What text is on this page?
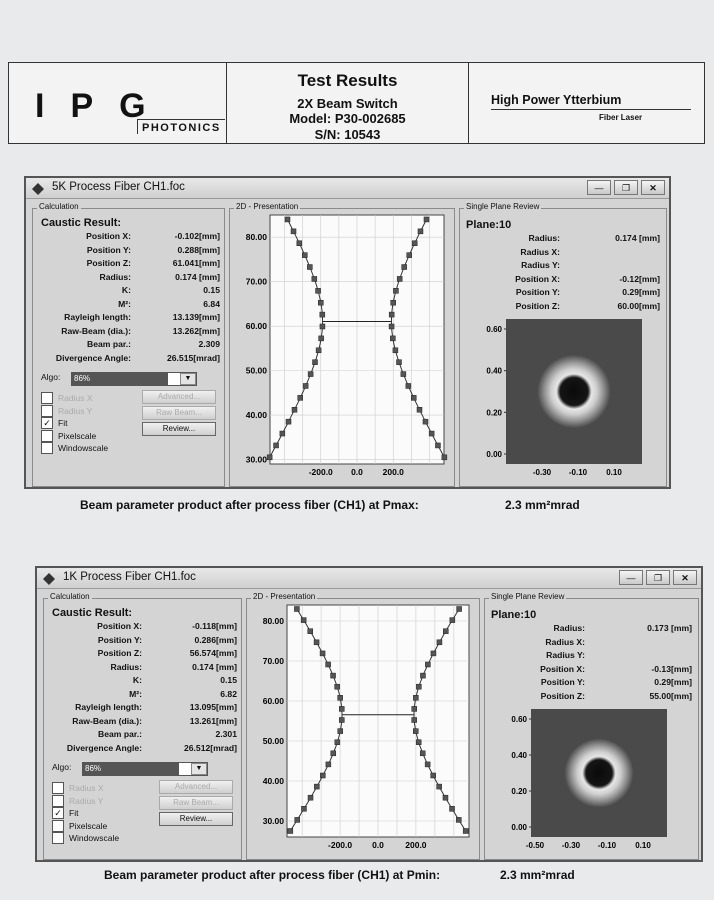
IPG
PHOTONICS
Test Results
2X Beam Switch
Model: P30-002685
S/N: 10543
High Power Ytterbium
Fiber Laser
5K Process Fiber CH1.foc	—	❐	✕
Calculation
Caustic Result:
Position X:	-0.102[mm]
Position Y:	0.288[mm]
Position Z:	61.041[mm]
Radius:	0.174 [mm]
K:	0.15
M²:	6.84
Rayleigh length:	13.139[mm]
Raw-Beam (dia.):	13.262[mm]
Beam par.:	2.309
Divergence Angle:	26.515[mrad]
Algo: 86%	▼
Radius X
Radius Y
✓ Fit
Pixelscale
Windowscale
Advanced...
Raw Beam...
Review...
2D - Presentation
80.00
70.00
60.00
50.00
40.00
30.00
-200.0 0.0 200.0
Single Plane Review
Plane:10
Radius:	0.174 [mm]
Radius X:
Radius Y:
Position X:	-0.12[mm]
Position Y:	0.29[mm]
Position Z:	60.00[mm]
0.60
0.40
0.20
0.00
-0.30 -0.10 0.10
Beam parameter product after process fiber (CH1) at Pmax:	2.3 mm²mrad
1K Process Fiber CH1.foc	—	❐	✕
Calculation
Caustic Result:
Position X:	-0.118[mm]
Position Y:	0.286[mm]
Position Z:	56.574[mm]
Radius:	0.174 [mm]
K:	0.15
M²:	6.82
Rayleigh length:	13.095[mm]
Raw-Beam (dia.):	13.261[mm]
Beam par.:	2.301
Divergence Angle:	26.512[mrad]
Algo: 86%	▼
Radius X
Radius Y
✓ Fit
Pixelscale
Windowscale
Advanced...
Raw Beam...
Review...
2D - Presentation
80.00
70.00
60.00
50.00
40.00
30.00
-200.0 0.0	200.0
Single Plane Review
Plane:10
Radius:	0.173 [mm]
Radius X:
Radius Y:
Position X:	-0.13[mm]
Position Y:	0.29[mm]
Position Z:	55.00[mm]
0.60
0.40
0.20
0.00
-0.50 -0.30 -0.10 0.10
Beam parameter product after process fiber (CH1) at Pmin:	2.3 mm²mrad
